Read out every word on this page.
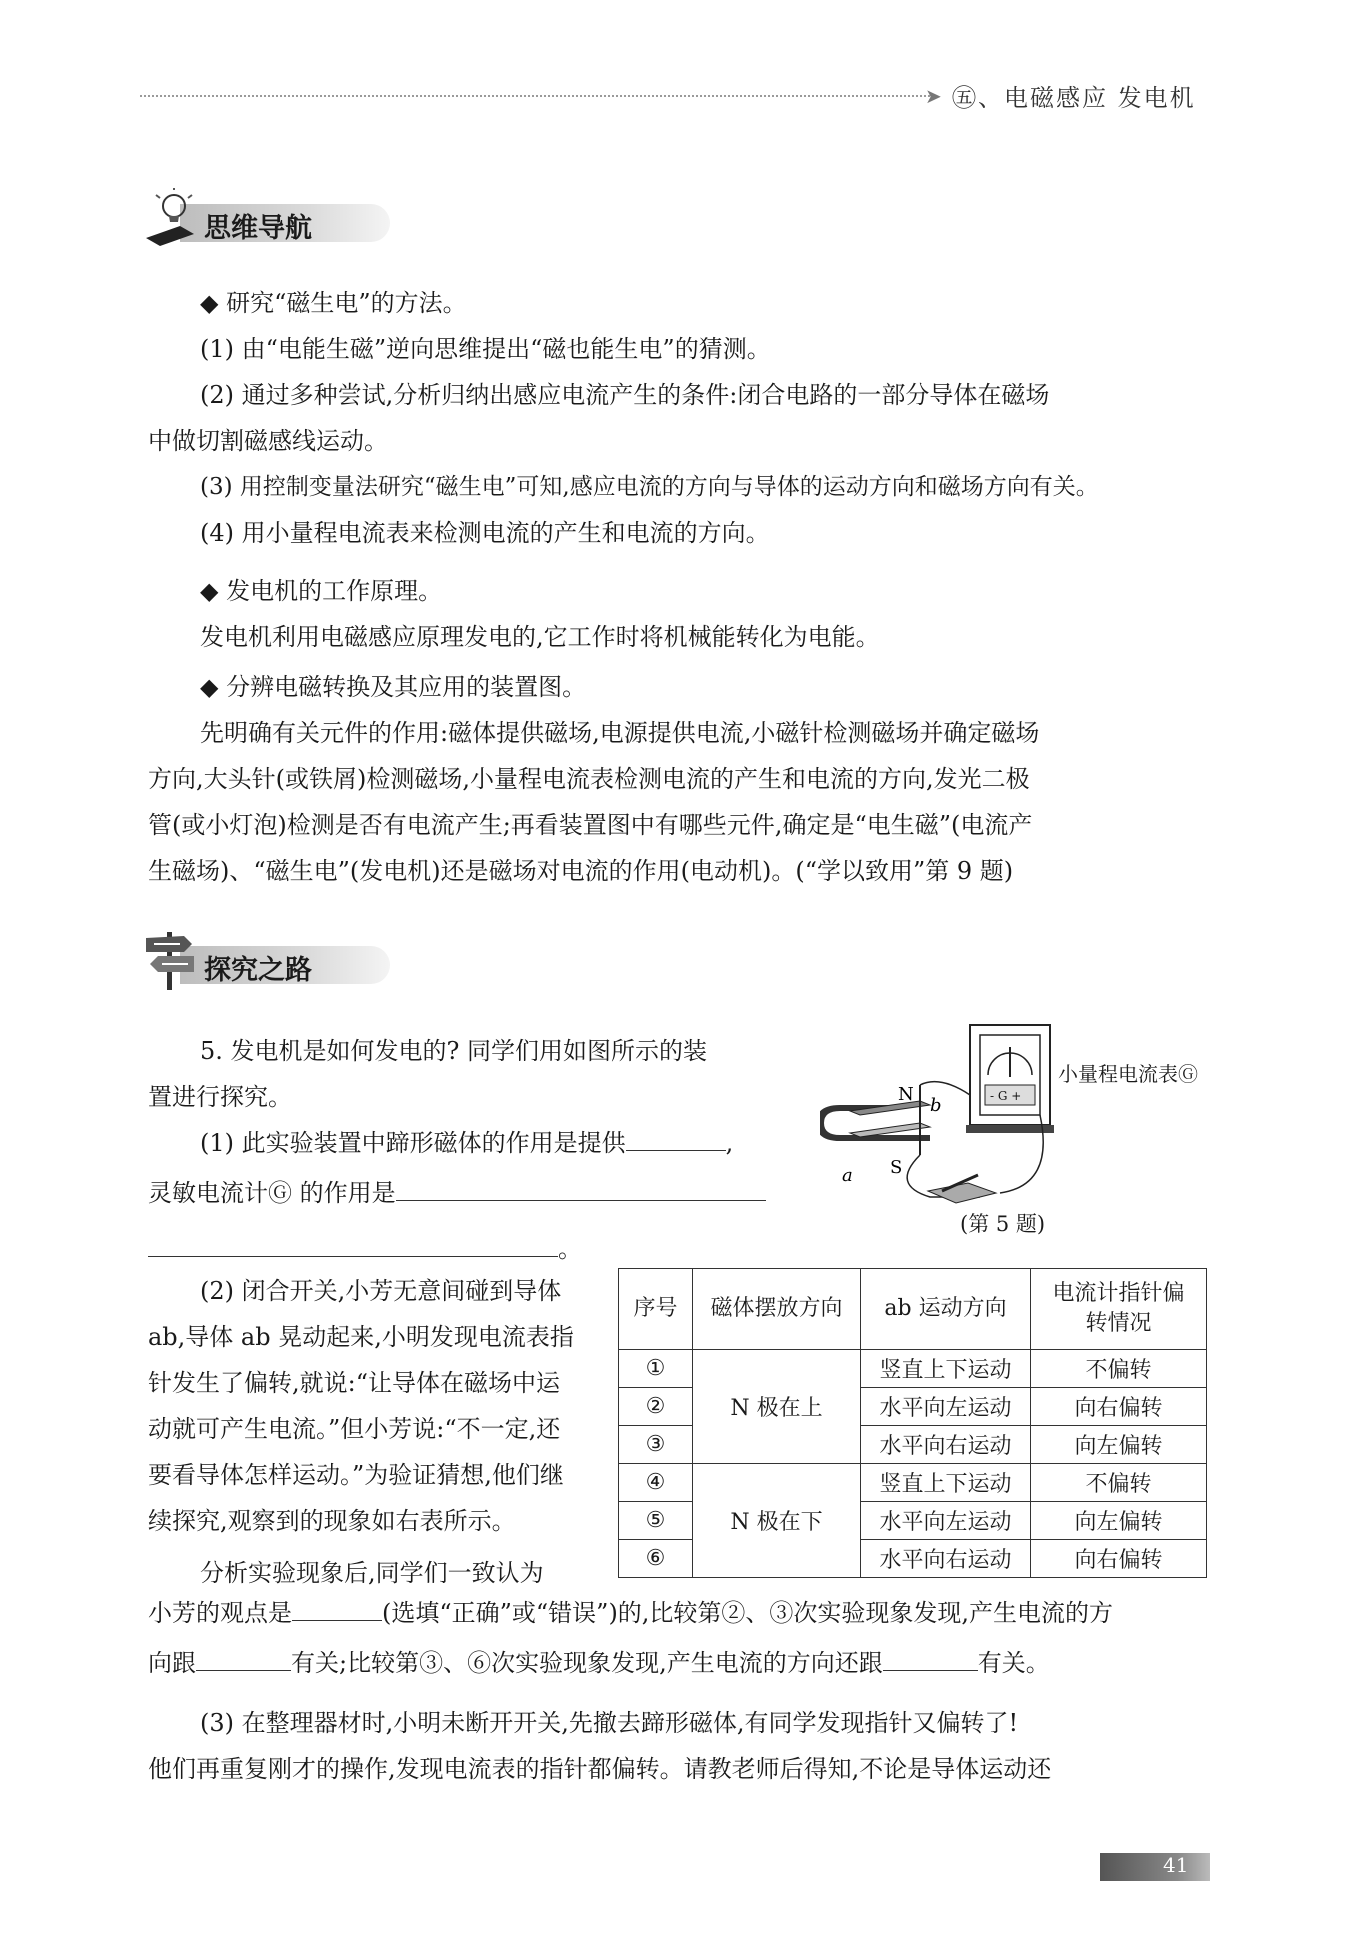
➤ ㊄、电磁感应 发电机
思维导航
◆ 研究“磁生电”的方法。
(1) 由“电能生磁”逆向思维提出“磁也能生电”的猜测。
(2) 通过多种尝试,分析归纳出感应电流产生的条件:闭合电路的一部分导体在磁场
中做切割磁感线运动。
(3) 用控制变量法研究“磁生电”可知,感应电流的方向与导体的运动方向和磁场方向有关。
(4) 用小量程电流表来检测电流的产生和电流的方向。
◆ 发电机的工作原理。
发电机利用电磁感应原理发电的,它工作时将机械能转化为电能。
◆ 分辨电磁转换及其应用的装置图。
先明确有关元件的作用:磁体提供磁场,电源提供电流,小磁针检测磁场并确定磁场
方向,大头针(或铁屑)检测磁场,小量程电流表检测电流的产生和电流的方向,发光二极
管(或小灯泡)检测是否有电流产生;再看装置图中有哪些元件,确定是“电生磁”(电流产
生磁场)、“磁生电”(发电机)还是磁场对电流的作用(电动机)。(“学以致用”第 9 题)
探究之路
5. 发电机是如何发电的? 同学们用如图所示的装
置进行探究。
(1) 此实验装置中蹄形磁体的作用是提供	,
灵敏电流计Ⓖ 的作用是
。
- G +
N
S
a
b
小量程电流表Ⓖ
(第 5 题)
(2) 闭合开关,小芳无意间碰到导体
ab,导体 ab 晃动起来,小明发现电流表指
针发生了偏转,就说:“让导体在磁场中运
动就可产生电流。”但小芳说:“不一定,还
要看导体怎样运动。”为验证猜想,他们继
续探究,观察到的现象如右表所示。
分析实验现象后,同学们一致认为
序号	磁体摆放方向	ab 运动方向	电流计指针偏转情况
①	N 极在上	竖直上下运动	不偏转
②		水平向左运动	向右偏转
③		水平向右运动	向左偏转
④	N 极在下	竖直上下运动	不偏转
⑤		水平向左运动	向左偏转
⑥		水平向右运动	向右偏转
小芳的观点是	(选填“正确”或“错误”)的,比较第②、③次实验现象发现,产生电流的方
向跟	有关;比较第③、⑥次实验现象发现,产生电流的方向还跟	有关。
(3) 在整理器材时,小明未断开开关,先撤去蹄形磁体,有同学发现指针又偏转了!
他们再重复刚才的操作,发现电流表的指针都偏转。请教老师后得知,不论是导体运动还
41
